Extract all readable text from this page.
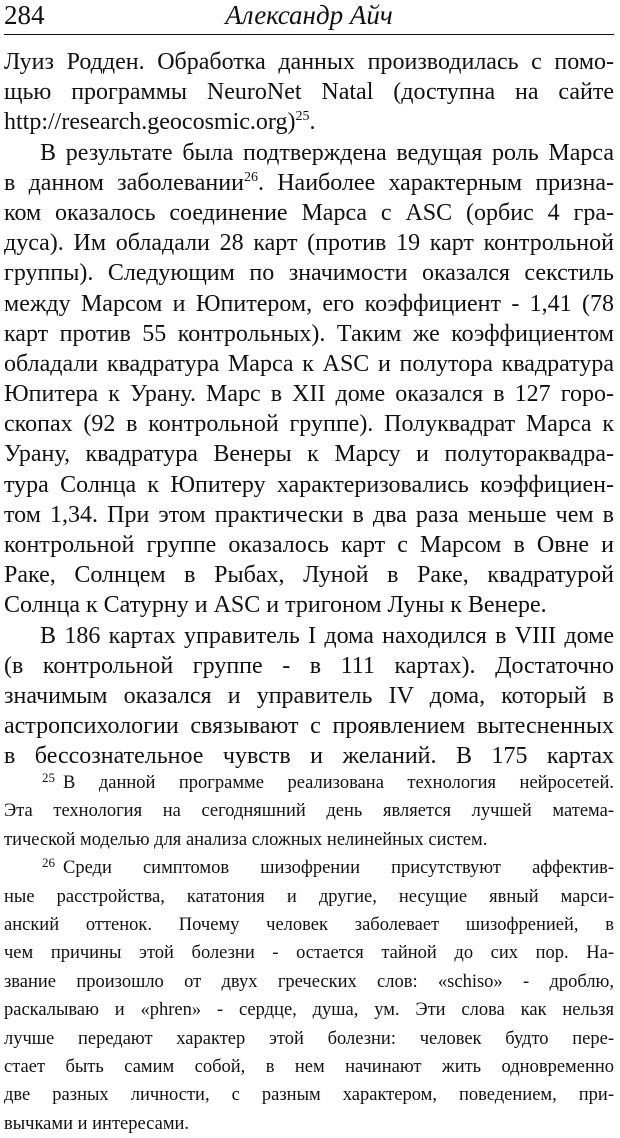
284	Александр Айч
Луиз Родден. Обработка данных производилась с помо-
щью программы NeuroNet Natal (доступна на сайте
http://research.geocosmic.org)$^{25}$.
В результате была подтверждена ведущая роль Марса
в данном заболевании$^{26}$. Наиболее характерным призна-
ком оказалось соединение Марса с ASC (орбис 4 гра-
дуса). Им обладали 28 карт (против 19 карт контрольной
группы). Следующим по значимости оказался секстиль
между Марсом и Юпитером, его коэффициент - 1,41 (78
карт против 55 контрольных). Таким же коэффициентом
обладали квадратура Марса к ASC и полутора квадратура
Юпитера к Урану. Марс в XII доме оказался в 127 горо-
скопах (92 в контрольной группе). Полуквадрат Марса к
Урану, квадратура Венеры к Марсу и полутораквадра-
тура Солнца к Юпитеру характеризовались коэффициен-
том 1,34. При этом практически в два раза меньше чем в
контрольной группе оказалось карт с Марсом в Овне и
Раке, Солнцем в Рыбах, Луной в Раке, квадратурой
Солнца к Сатурну и ASC и тригоном Луны к Венере.
В 186 картах управитель I дома находился в VIII доме
(в контрольной группе - в 111 картах). Достаточно
значимым оказался и управитель IV дома, который в
астропсихологии связывают с проявлением вытесненных
в бессознательное чувств и желаний. В 175 картах
$^{25}$ В данной программе реализована технология нейросетей.
Эта технология на сегодняшний день является лучшей матема-
тической моделью для анализа сложных нелинейных систем.
$^{26}$ Среди симптомов шизофрении присутствуют аффектив-
ные расстройства, кататония и другие, несущие явный марси-
анский оттенок. Почему человек заболевает шизофренией, в
чем причины этой болезни - остается тайной до сих пор. На-
звание произошло от двух греческих слов: «schiso» - дроблю,
раскалываю и «phren» - сердце, душа, ум. Эти слова как нельзя
лучше передают характер этой болезни: человек будто пере-
стает быть самим собой, в нем начинают жить одновременно
две разных личности, с разным характером, поведением, при-
вычками и интересами.
